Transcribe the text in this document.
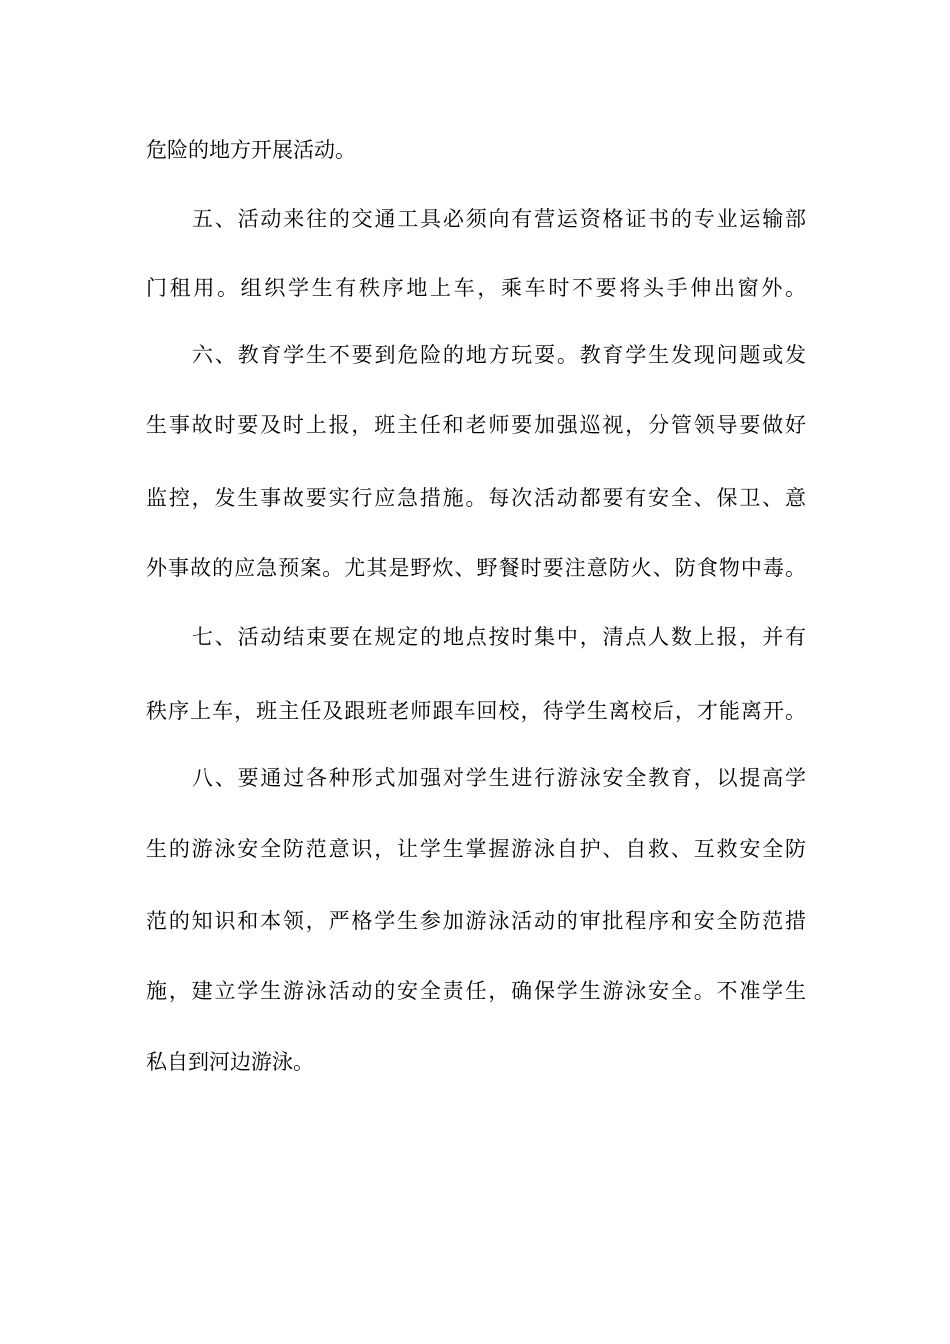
危险的地方开展活动。
五、活动来往的交通工具必须向有营运资格证书的专业运输部
门租用。组织学生有秩序地上车，乘车时不要将头手伸出窗外。
六、教育学生不要到危险的地方玩耍。教育学生发现问题或发
生事故时要及时上报，班主任和老师要加强巡视，分管领导要做好
监控，发生事故要实行应急措施。每次活动都要有安全、保卫、意
外事故的应急预案。尤其是野炊、野餐时要注意防火、防食物中毒。
七、活动结束要在规定的地点按时集中，清点人数上报，并有
秩序上车，班主任及跟班老师跟车回校，待学生离校后，才能离开。
八、要通过各种形式加强对学生进行游泳安全教育，以提高学
生的游泳安全防范意识，让学生掌握游泳自护、自救、互救安全防
范的知识和本领，严格学生参加游泳活动的审批程序和安全防范措
施，建立学生游泳活动的安全责任，确保学生游泳安全。不准学生
私自到河边游泳。
